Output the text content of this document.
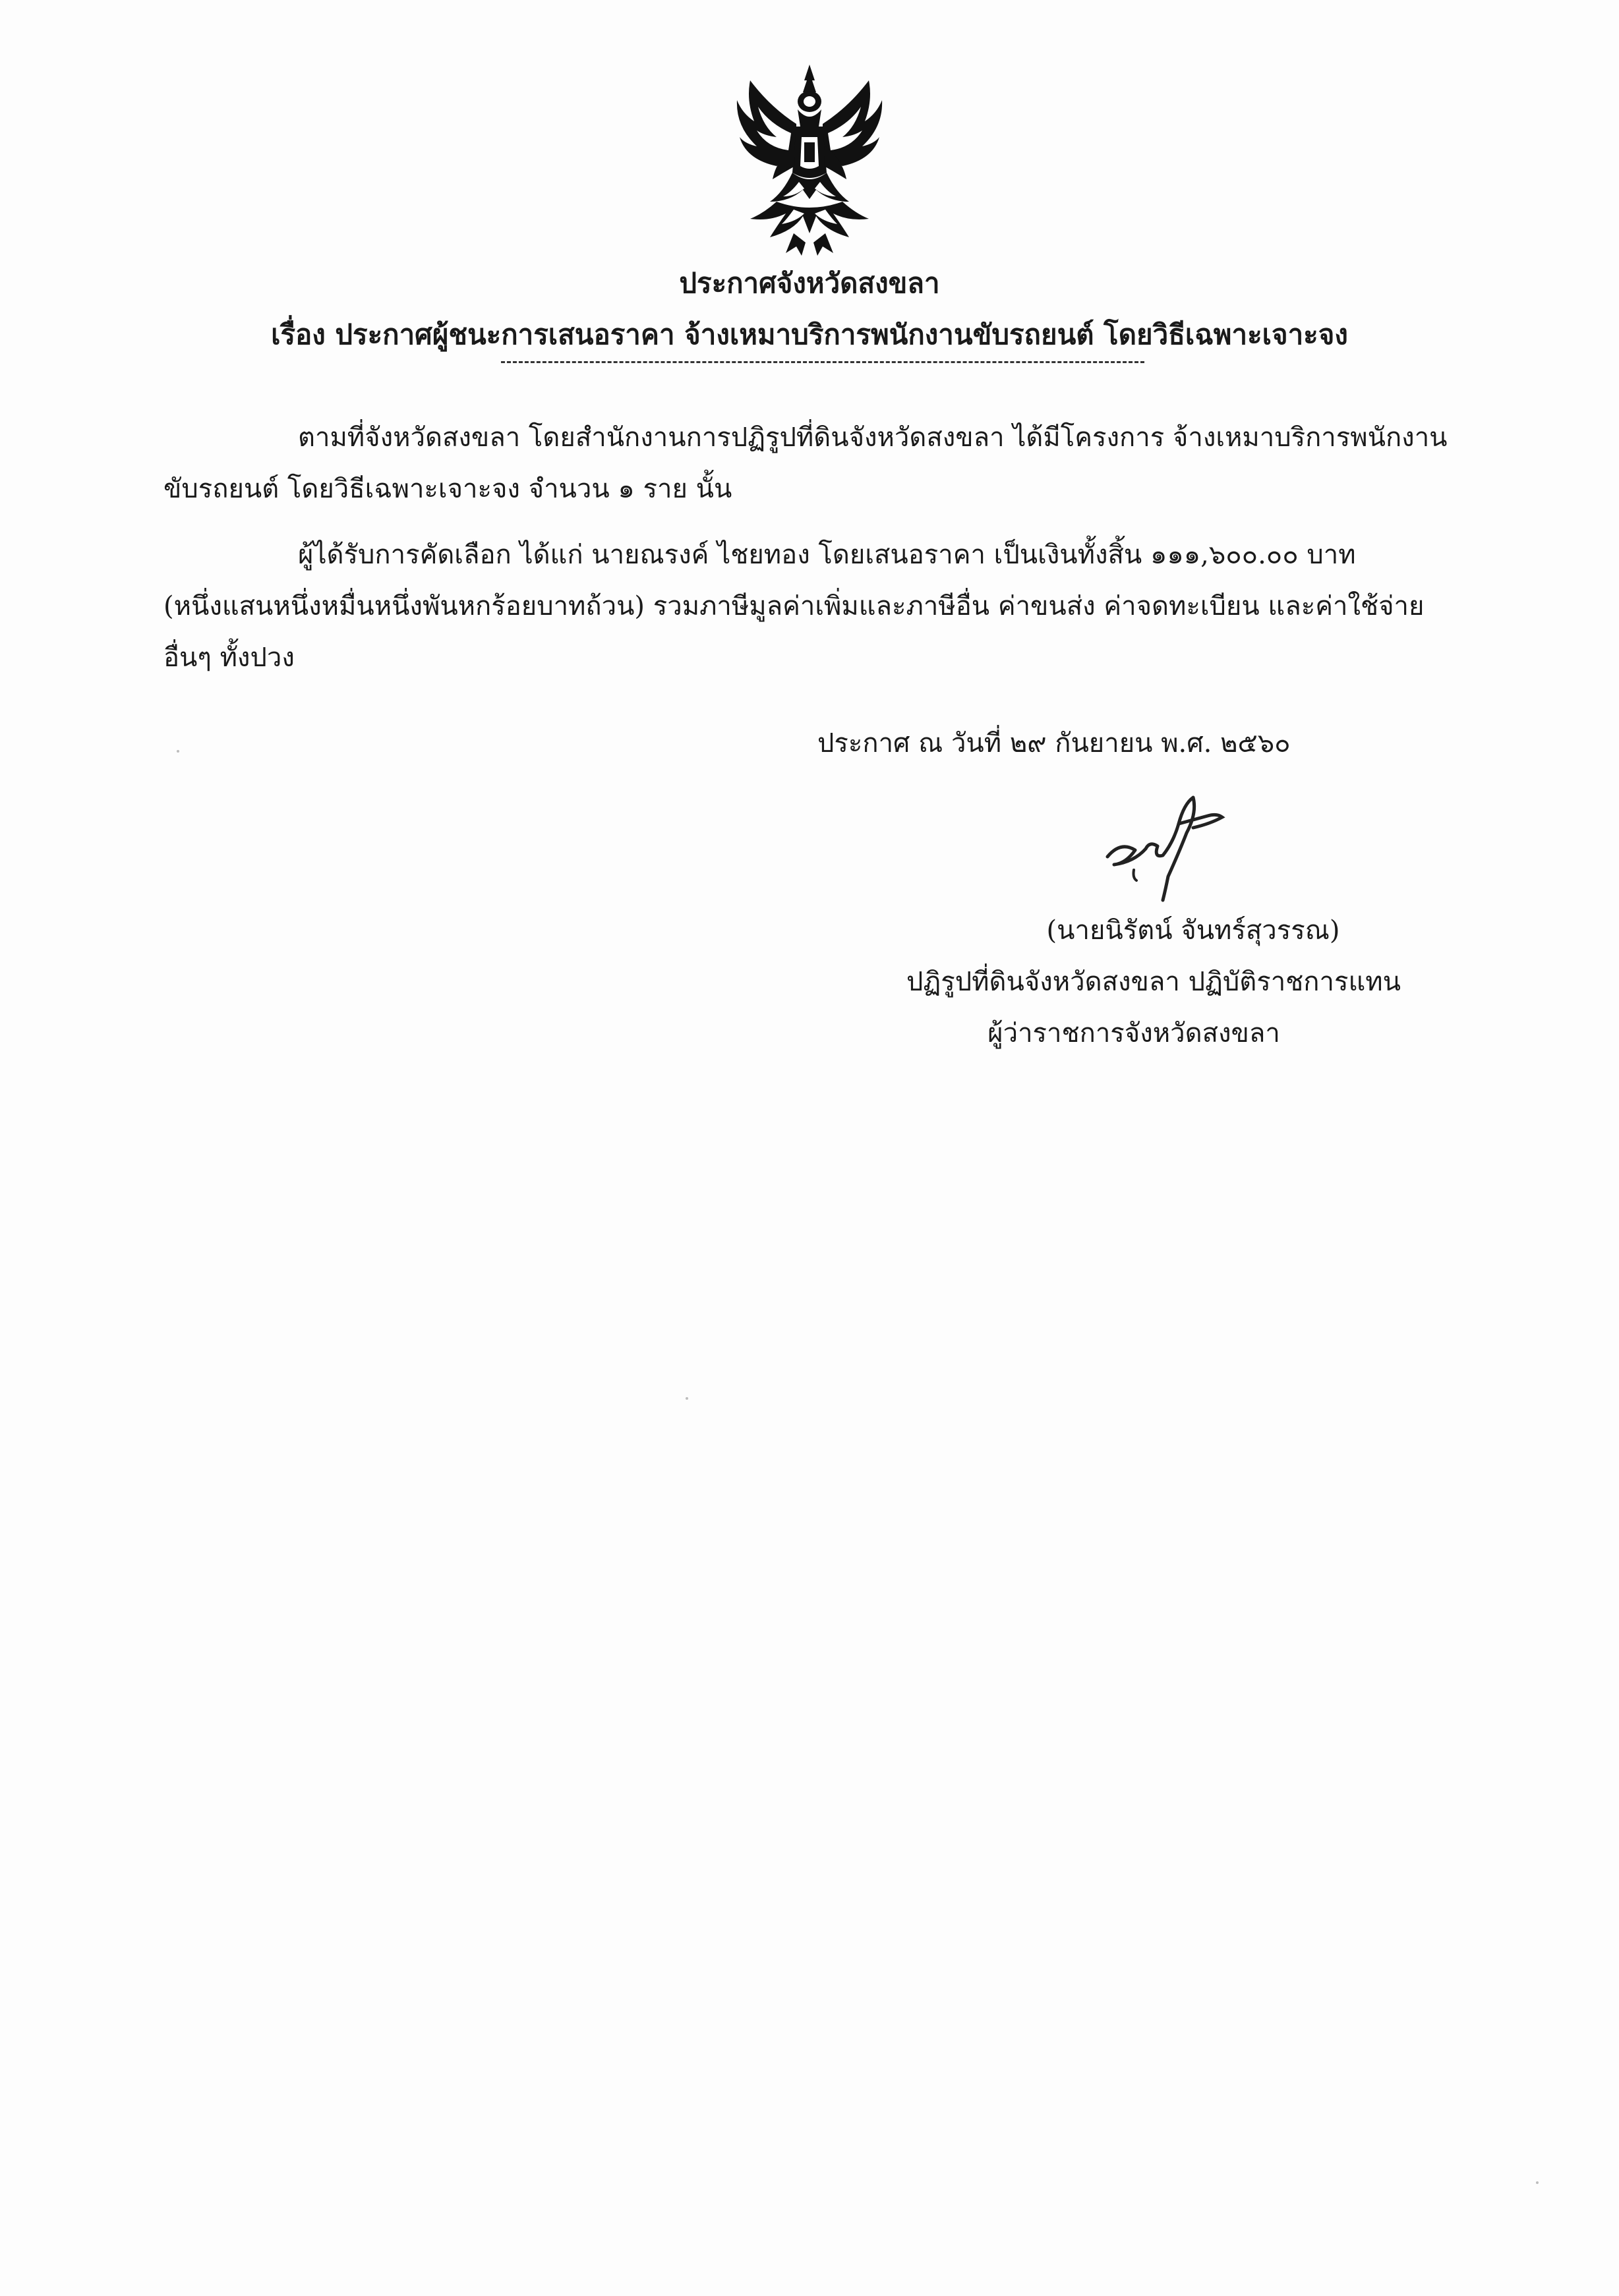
ประกาศจังหวัดสงขลา
เรื่อง ประกาศผู้ชนะการเสนอราคา จ้างเหมาบริการพนักงานขับรถยนต์ โดยวิธีเฉพาะเจาะจง
ตามที่จังหวัดสงขลา โดยสำนักงานการปฏิรูปที่ดินจังหวัดสงขลา ได้มีโครงการ จ้างเหมาบริการพนักงาน
ขับรถยนต์ โดยวิธีเฉพาะเจาะจง จำนวน ๑ ราย นั้น
ผู้ได้รับการคัดเลือก ได้แก่ นายณรงค์ ไชยทอง โดยเสนอราคา เป็นเงินทั้งสิ้น ๑๑๑,๖๐๐.๐๐ บาท
(หนึ่งแสนหนึ่งหมื่นหนึ่งพันหกร้อยบาทถ้วน) รวมภาษีมูลค่าเพิ่มและภาษีอื่น ค่าขนส่ง ค่าจดทะเบียน และค่าใช้จ่าย
อื่นๆ ทั้งปวง
ประกาศ ณ วันที่ ๒๙ กันยายน พ.ศ. ๒๕๖๐
(นายนิรัตน์ จันทร์สุวรรณ)
ปฏิรูปที่ดินจังหวัดสงขลา ปฏิบัติราชการแทน
ผู้ว่าราชการจังหวัดสงขลา
